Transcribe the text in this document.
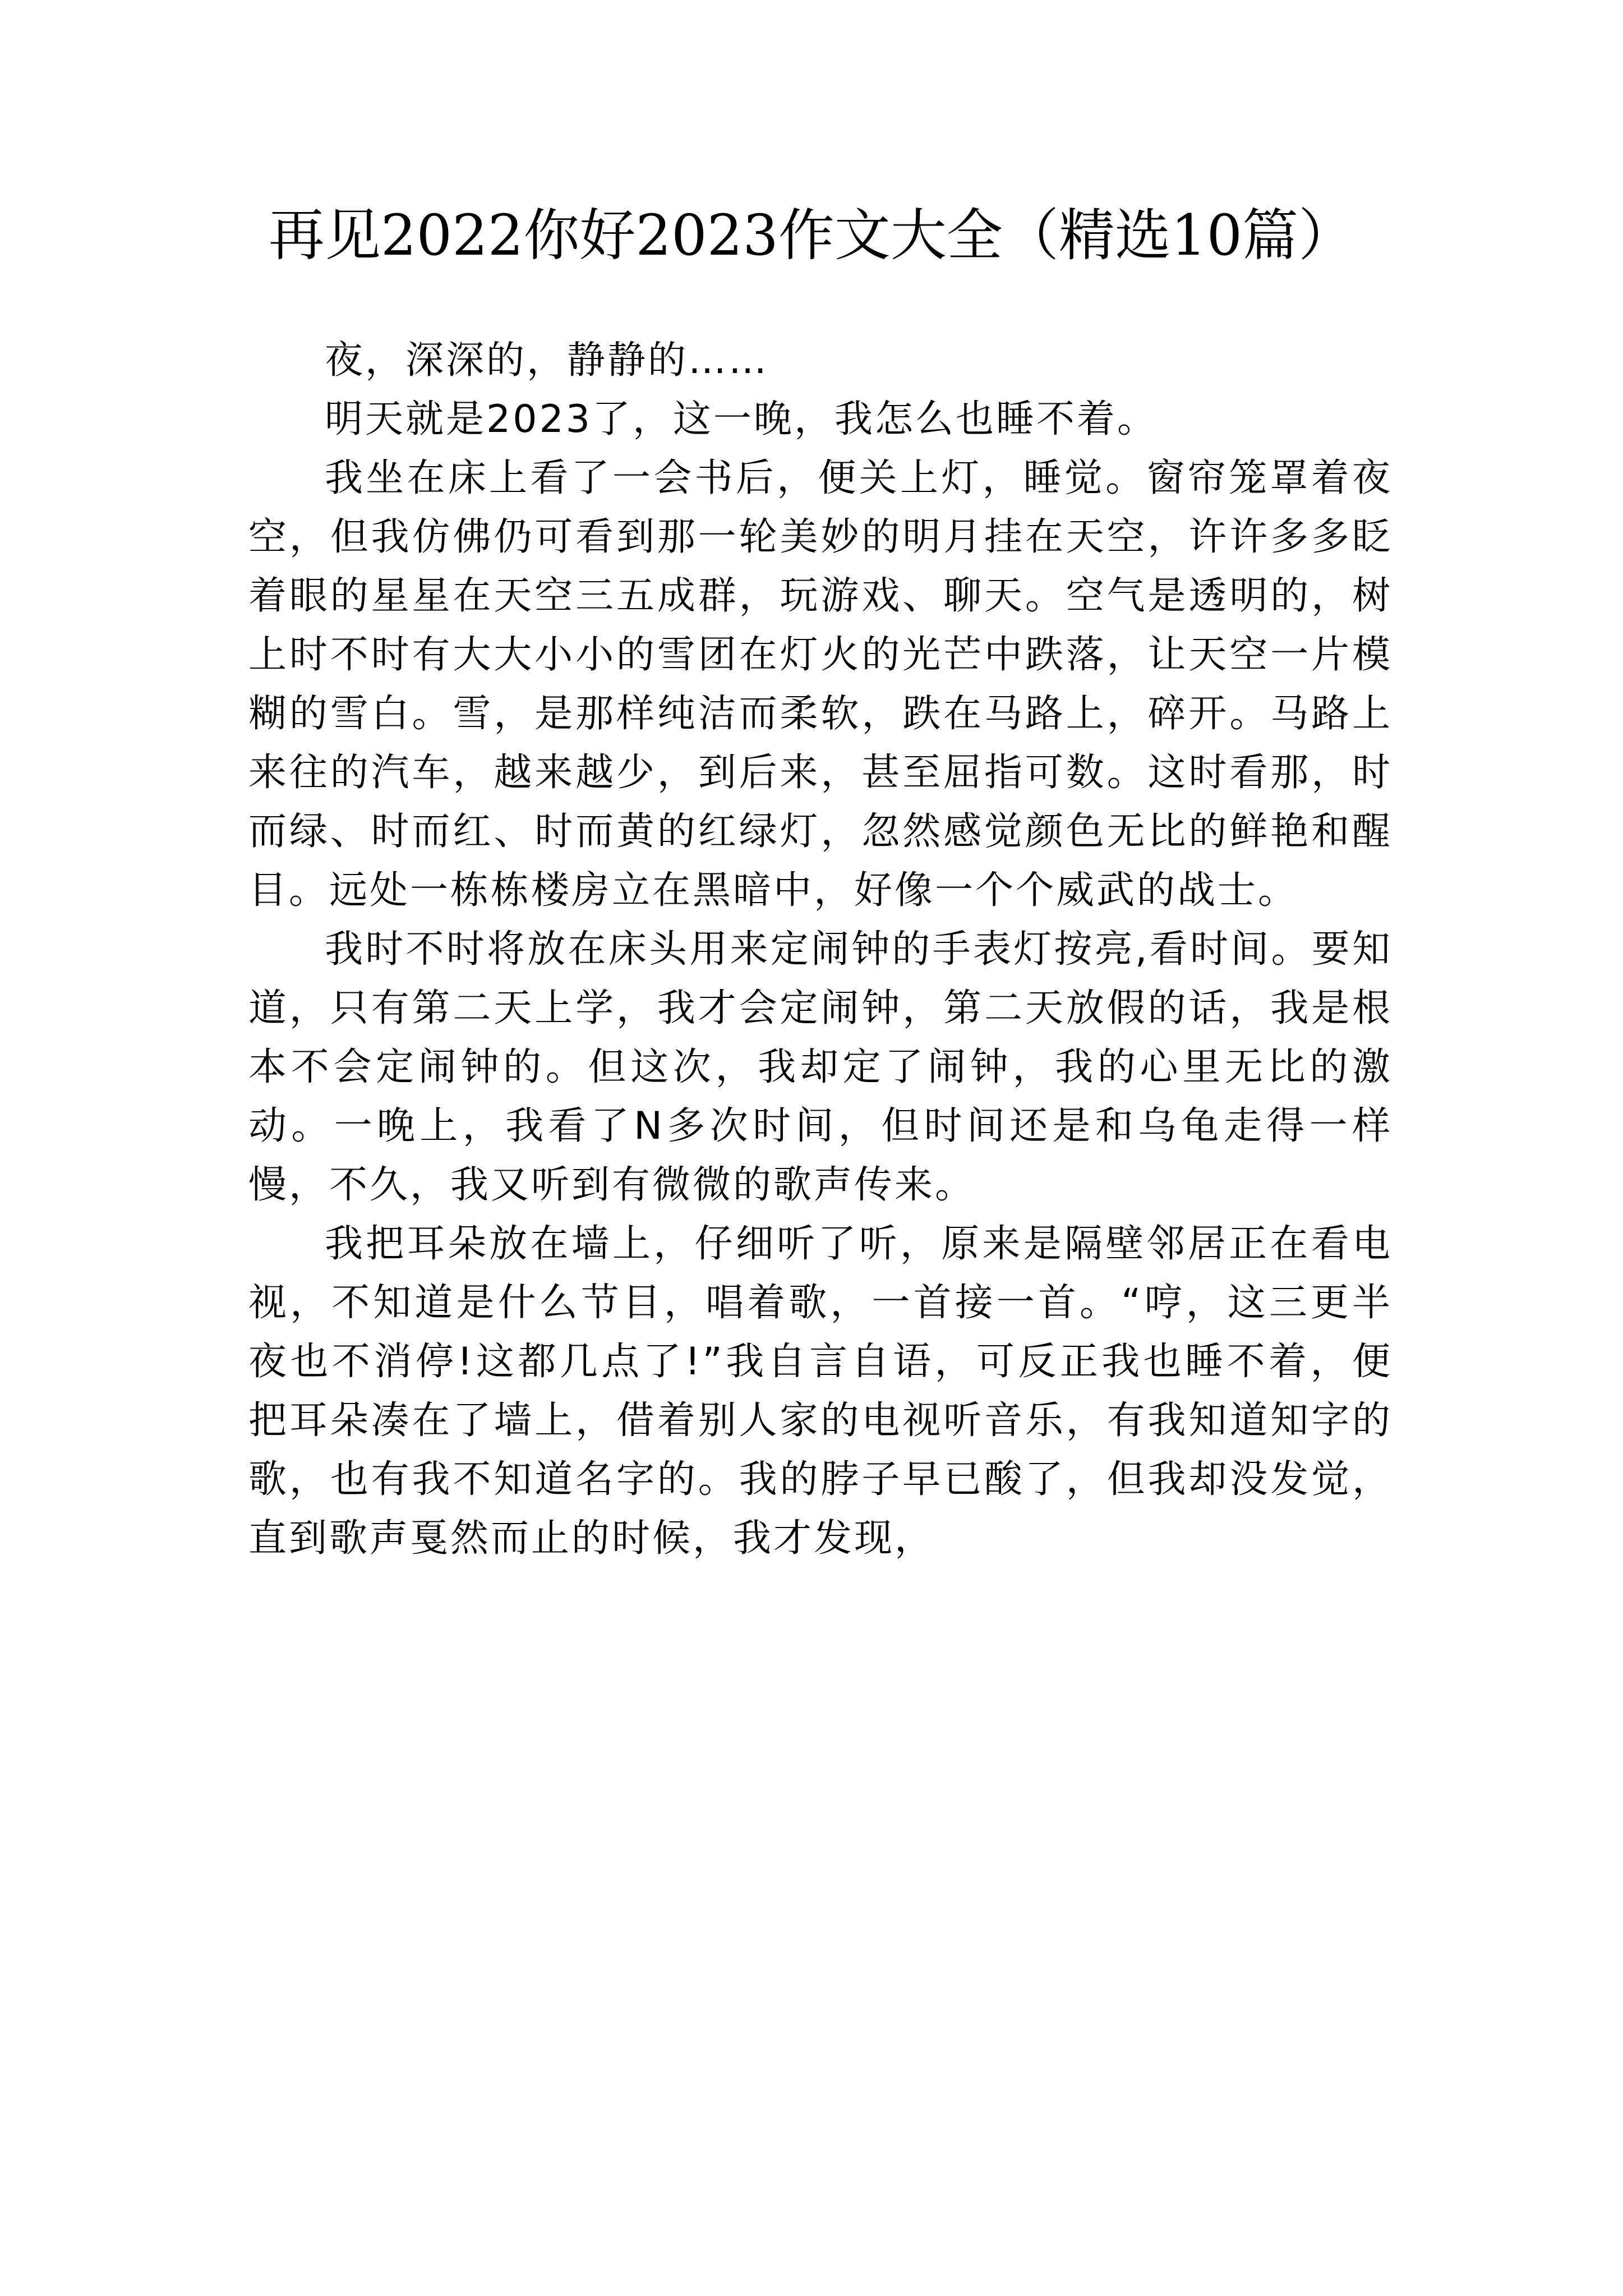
再见2022你好2023作文大全（精选10篇）

夜，深深的，静静的……

明天就是2023了，这一晚，我怎么也睡不着。

我坐在床上看了一会书后，便关上灯，睡觉。窗帘笼罩着夜空，但我仿佛仍可看到那一轮美妙的明月挂在天空，许许多多眨着眼的星星在天空三五成群，玩游戏、聊天。空气是透明的，树上时不时有大大小小的雪团在灯火的光芒中跌落，让天空一片模糊的雪白。雪，是那样纯洁而柔软，跌在马路上，碎开。马路上来往的汽车，越来越少，到后来，甚至屈指可数。这时看那，时而绿、时而红、时而黄的红绿灯，忽然感觉颜色无比的鲜艳和醒目。远处一栋栋楼房立在黑暗中，好像一个个威武的战士。

我时不时将放在床头用来定闹钟的手表灯按亮,看时间。要知道，只有第二天上学，我才会定闹钟，第二天放假的话，我是根本不会定闹钟的。但这次，我却定了闹钟，我的心里无比的激动。一晚上，我看了N多次时间，但时间还是和乌龟走得一样慢，不久，我又听到有微微的歌声传来。

我把耳朵放在墙上，仔细听了听，原来是隔壁邻居正在看电视，不知道是什么节目，唱着歌，一首接一首。“哼，这三更半夜也不消停!这都几点了!”我自言自语，可反正我也睡不着，便把耳朵凑在了墙上，借着别人家的电视听音乐，有我知道知字的歌，也有我不知道名字的。我的脖子早已酸了，但我却没发觉，直到歌声戛然而止的时候，我才发现，
